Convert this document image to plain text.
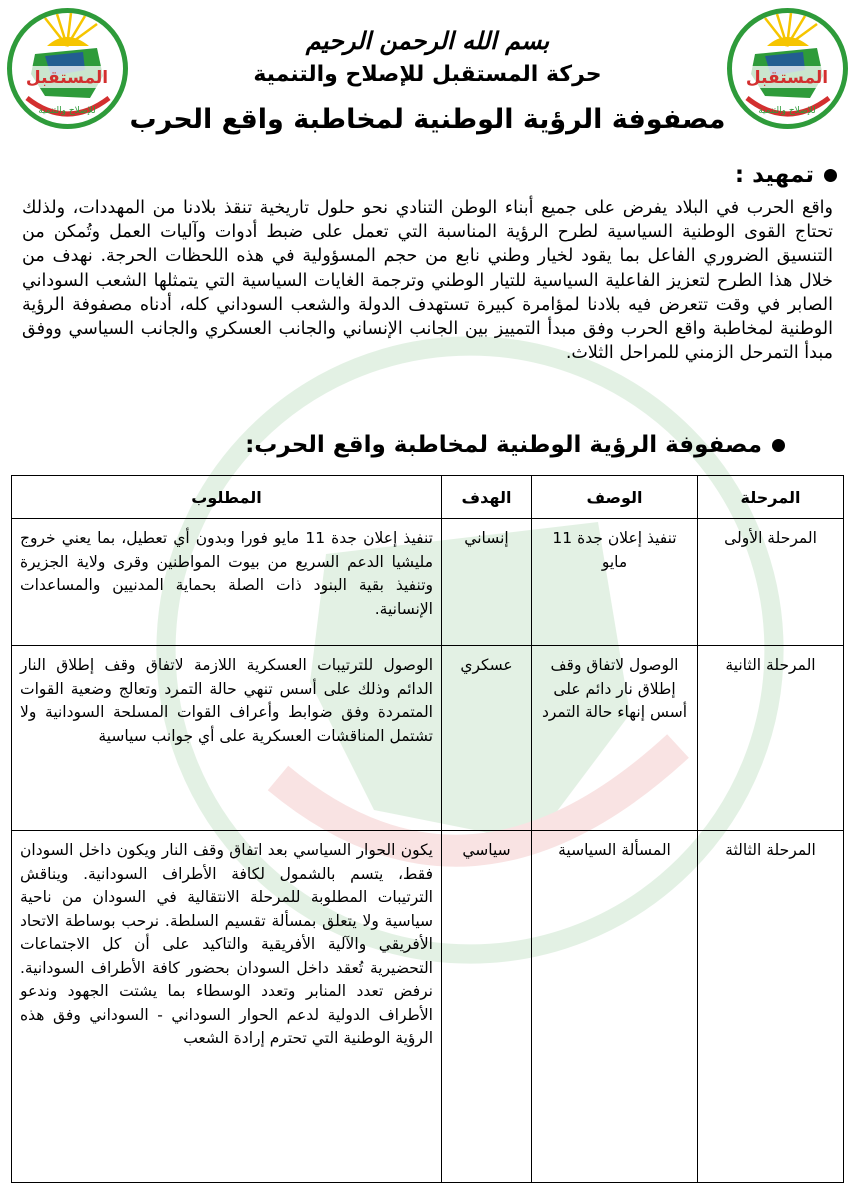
المستقبل
للإصلاح والتنمية
المستقبل
للإصلاح والتنمية
بسم الله الرحمن الرحيم
حركة المستقبل للإصلاح والتنمية
مصفوفة الرؤية الوطنية لمخاطبة واقع الحرب
تمهيد :
واقع الحرب في البلاد يفرض على جميع أبناء الوطن التنادي نحو حلول تاريخية تنقذ بلادنا من المهددات، ولذلك تحتاج القوى الوطنية السياسية لطرح الرؤية المناسبة التي تعمل على ضبط أدوات وآليات العمل وتُمكن من التنسيق الضروري الفاعل بما يقود لخيار وطني نابع من حجم المسؤولية في هذه اللحظات الحرجة. نهدف من خلال هذا الطرح لتعزيز الفاعلية السياسية للتيار الوطني وترجمة الغايات السياسية التي يتمثلها الشعب السوداني الصابر في وقت تتعرض فيه بلادنا لمؤامرة كبيرة تستهدف الدولة والشعب السوداني كله، أدناه مصفوفة الرؤية الوطنية لمخاطبة واقع الحرب وفق مبدأ التمييز بين الجانب الإنساني والجانب العسكري والجانب السياسي ووفق مبدأ التمرحل الزمني للمراحل الثلاث.
مصفوفة الرؤية الوطنية لمخاطبة واقع الحرب:
المرحلة	الوصف	الهدف	المطلوب
المرحلة الأولى	تنفيذ إعلان جدة 11 مايو	إنساني	تنفيذ إعلان جدة 11 مايو فورا وبدون أي تعطيل، بما يعني خروج مليشيا الدعم السريع من بيوت المواطنين وقرى ولاية الجزيرة وتنفيذ بقية البنود ذات الصلة بحماية المدنيين والمساعدات الإنسانية.
المرحلة الثانية	الوصول لاتفاق وقف إطلاق نار دائم على أسس إنهاء حالة التمرد	عسكري	الوصول للترتيبات العسكرية اللازمة لاتفاق وقف إطلاق النار الدائم وذلك على أسس تنهي حالة التمرد وتعالج وضعية القوات المتمردة وفق ضوابط وأعراف القوات المسلحة السودانية ولا تشتمل المناقشات العسكرية على أي جوانب سياسية
المرحلة الثالثة	المسألة السياسية	سياسي	يكون الحوار السياسي بعد اتفاق وقف النار ويكون داخل السودان فقط، يتسم بالشمول لكافة الأطراف السودانية. ويناقش الترتيبات المطلوبة للمرحلة الانتقالية في السودان من ناحية سياسية ولا يتعلق بمسألة تقسيم السلطة. نرحب بوساطة الاتحاد الأفريقي والآلية الأفريقية والتاكيد على أن كل الاجتماعات التحضيرية تُعقد داخل السودان بحضور كافة الأطراف السودانية. نرفض تعدد المنابر وتعدد الوسطاء بما يشتت الجهود وندعو الأطراف الدولية لدعم الحوار السوداني - السوداني وفق هذه الرؤية الوطنية التي تحترم إرادة الشعب
